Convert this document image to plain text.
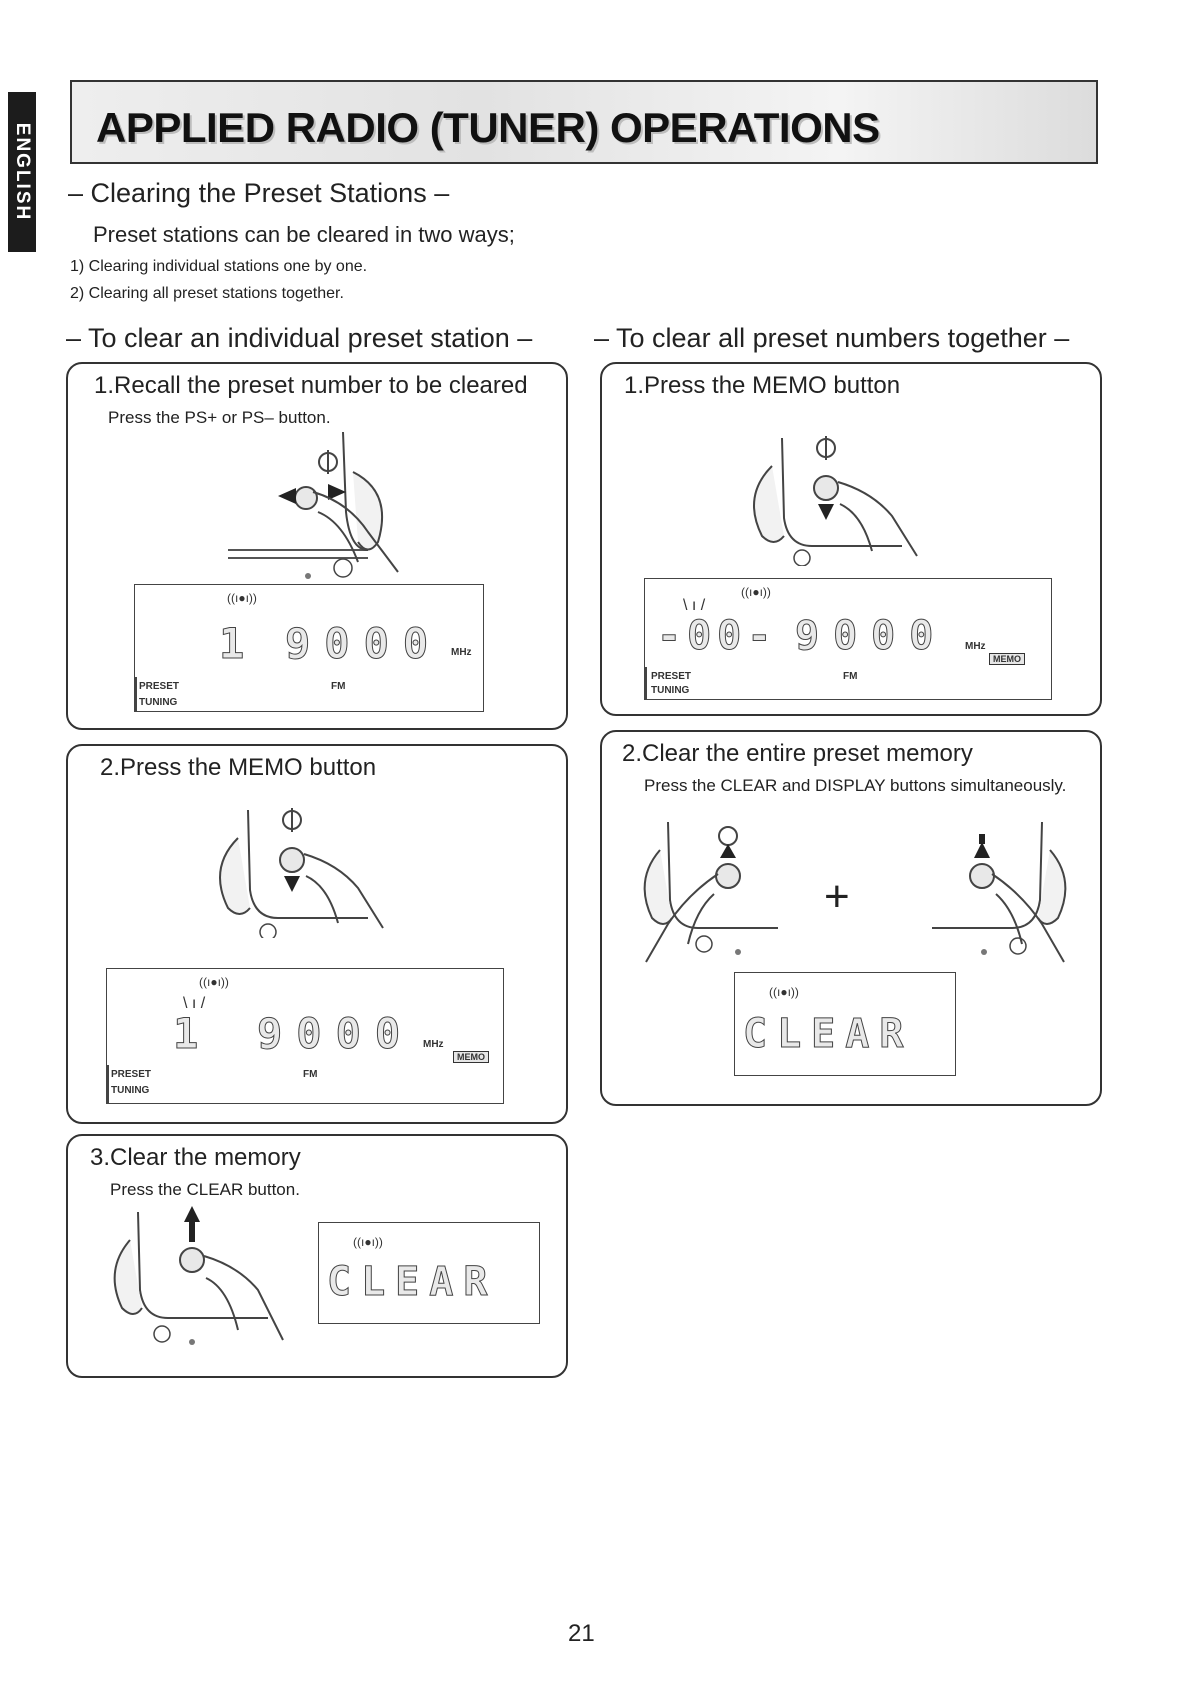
ENGLISH APPLIED RADIO (TUNER) OPERATIONS
– Clearing the Preset Stations –
Preset stations can be cleared in two ways;
1) Clearing individual stations one by one.
2) Clearing all preset stations together.
– To clear an individual preset station – – To clear all preset numbers together –
1.Recall the preset number to be cleared
Press the PS+ or PS– button.
((ı●ı))
1 9000 MHz
PRESET	FM
TUNING
2.Press the MEMO button
((ı●ı))
\ ı /
1 9000 MHz
MEMO
PRESET	FM
TUNING
3.Clear the memory
Press the CLEAR button.
((ı●ı))
CLEAR
1.Press the MEMO button
((ı●ı))
\ ı /
-00- 9000 MHz
MEMO
PRESET	FM
TUNING
2.Clear the entire preset memory
Press the CLEAR and DISPLAY buttons simultaneously.
+
((ı●ı))
CLEAR
21
